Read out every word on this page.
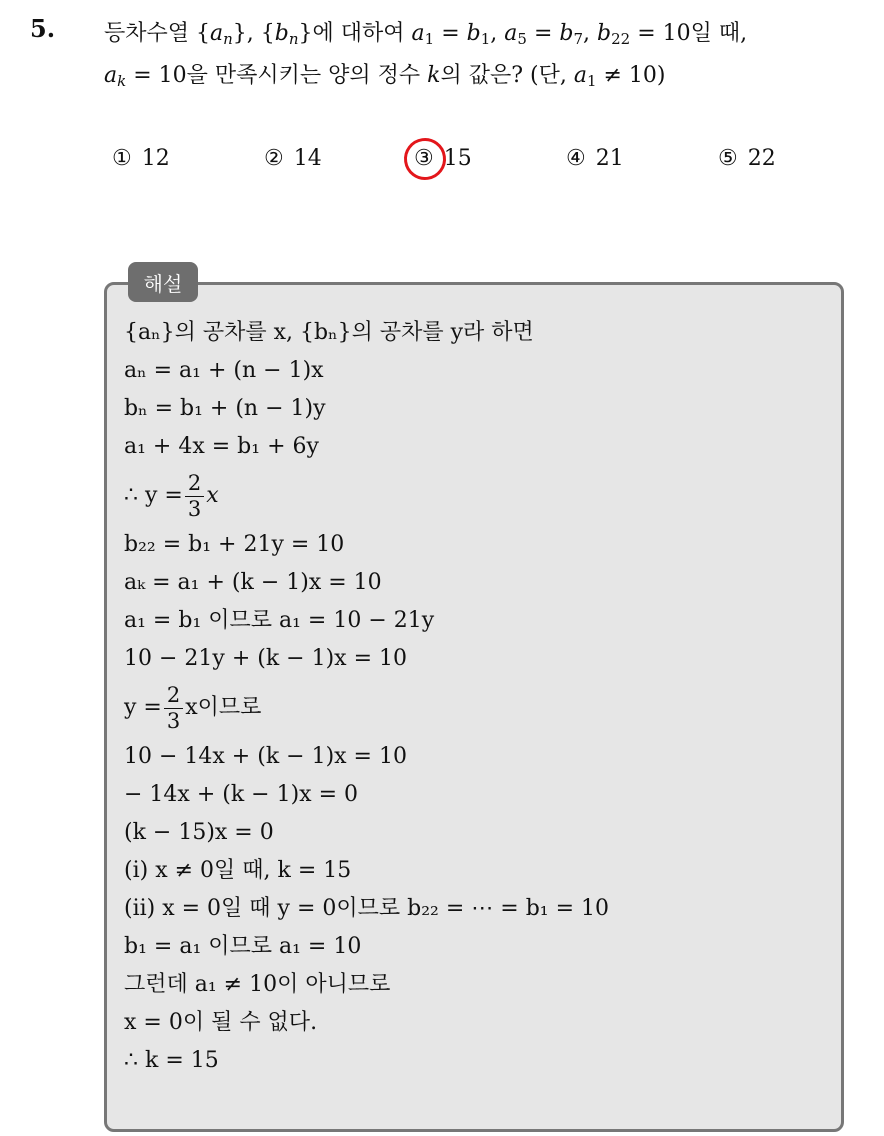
5. 등차수열 $\{a_n\}$, $\{b_n\}$에 대하여 $a_1 = b_1$, $a_5 = b_7$, $b_{22} = 10$일 때,
$a_k = 10$을 만족시키는 양의 정수 k의 값은? (단, $a_1 \ne 10$)
① 12	② 14	③ 15	④ 21	⑤ 22
해설
{aₙ}의 공차를 x, {bₙ}의 공차를 y라 하면
aₙ = a₁ + (n − 1)x
bₙ = b₁ + (n − 1)y
a₁ + 4x = b₁ + 6y
∴ $y = \frac{2}{3}$ x
b₂₂ = b₁ + 21y = 10
aₖ = a₁ + (k − 1)x = 10
a₁ = b₁ 이므로 a₁ = 10 − 21y
10 − 21y + (k − 1)x = 10
$y = \frac{2}{3}$ x이므로
10 − 14x + (k − 1)x = 10
− 14x + (k − 1)x = 0
(k − 15)x = 0
(i) x ≠ 0일 때, k = 15
(ii) x = 0일 때 y = 0이므로 b₂₂ = ⋯ = b₁ = 10
b₁ = a₁ 이므로 a₁ = 10
그런데 a₁ ≠ 10이 아니므로
x = 0이 될 수 없다.
∴ k = 15
